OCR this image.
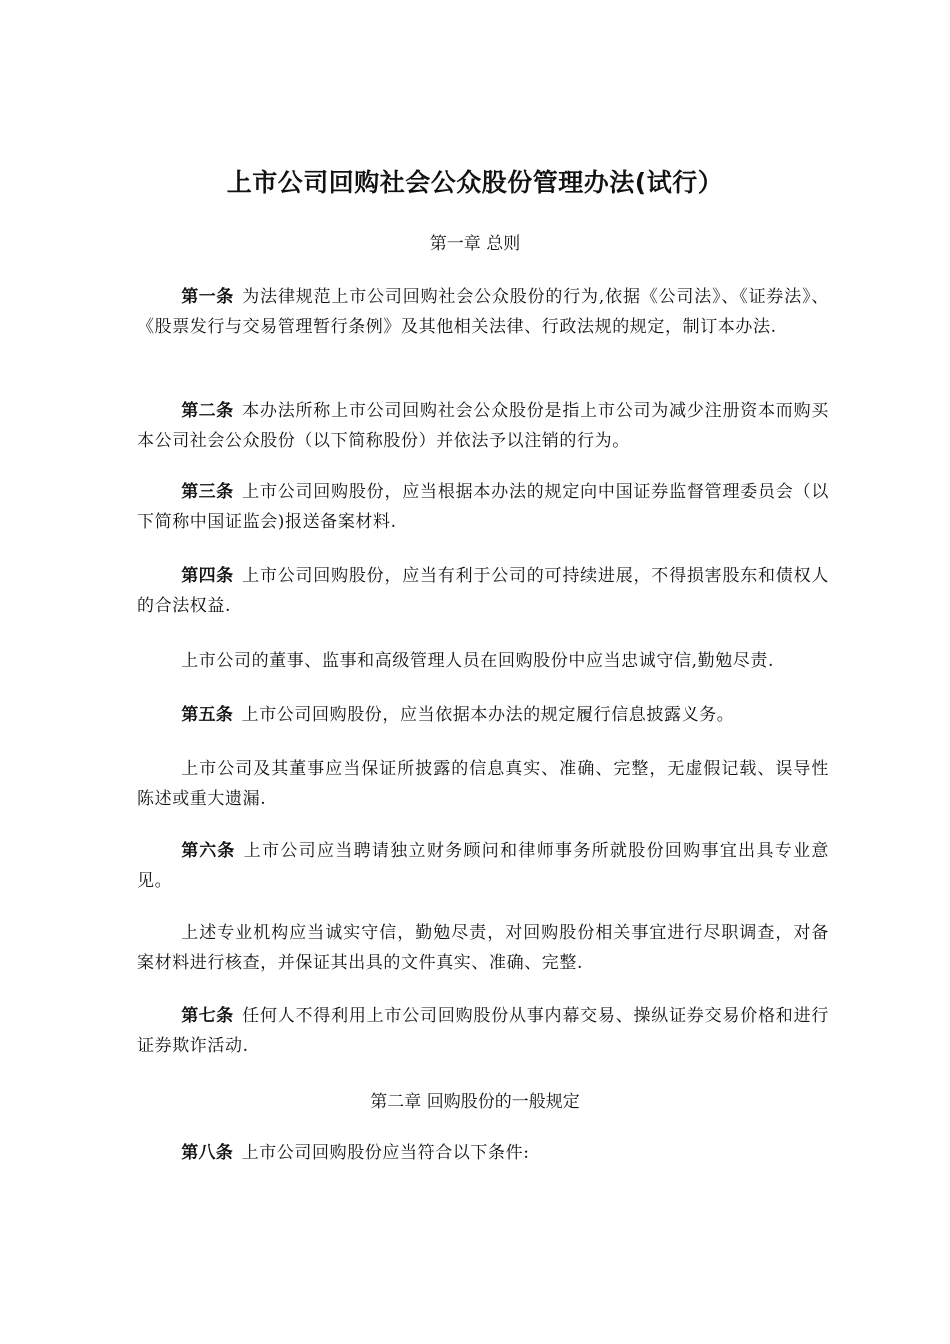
上市公司回购社会公众股份管理办法(试行）

第一章 总则

第一条 为法律规范上市公司回购社会公众股份的行为,依据《公司法》、《证券法》、《股票发行与交易管理暂行条例》及其他相关法律、行政法规的规定，制订本办法.

第二条 本办法所称上市公司回购社会公众股份是指上市公司为减少注册资本而购买本公司社会公众股份（以下简称股份）并依法予以注销的行为。

第三条 上市公司回购股份，应当根据本办法的规定向中国证券监督管理委员会（以下简称中国证监会)报送备案材料.

第四条 上市公司回购股份，应当有利于公司的可持续进展，不得损害股东和债权人的合法权益.

上市公司的董事、监事和高级管理人员在回购股份中应当忠诚守信,勤勉尽责.

第五条 上市公司回购股份，应当依据本办法的规定履行信息披露义务。

上市公司及其董事应当保证所披露的信息真实、准确、完整，无虚假记载、误导性陈述或重大遗漏.

第六条 上市公司应当聘请独立财务顾问和律师事务所就股份回购事宜出具专业意见。

上述专业机构应当诚实守信，勤勉尽责，对回购股份相关事宜进行尽职调查，对备案材料进行核查，并保证其出具的文件真实、准确、完整.

第七条 任何人不得利用上市公司回购股份从事内幕交易、操纵证券交易价格和进行证券欺诈活动.

第二章 回购股份的一般规定

第八条 上市公司回购股份应当符合以下条件:
